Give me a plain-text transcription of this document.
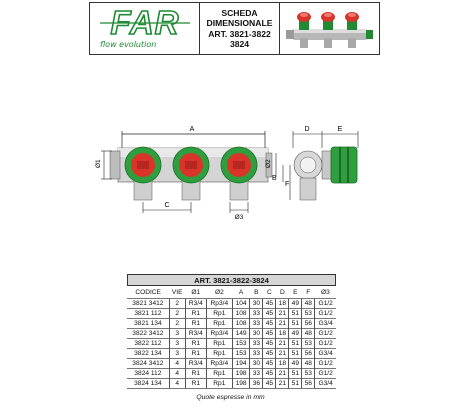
FAR
flow evolution
SCHEDA
DIMENSIONALE
ART. 3821-3822
3824
A
Ø1	Ø2
B
C
Ø3
D	E
F
ART. 3821-3822-3824
CODICE	VIE	Ø1	Ø2	A	B	C	D	E	F	Ø3
3821 3412	2	R3/4	Rp3/4	104	30	45	18	49	48	G1/2
3821 112	2	R1	Rp1	108	33	45	21	51	53	G1/2
3821 134	2	R1	Rp1	108	33	45	21	51	56	G3/4
3822 3412	3	R3/4	Rp3/4	149	30	45	18	49	48	G1/2
3822 112	3	R1	Rp1	153	33	45	21	51	53	G1/2
3822 134	3	R1	Rp1	153	33	45	21	51	56	G3/4
3824 3412	4	R3/4	Rp3/4	194	30	45	18	49	48	G1/2
3824 112	4	R1	Rp1	198	33	45	21	51	53	G1/2
3824 134	4	R1	Rp1	198	36	45	21	51	56	G3/4
Quote espresse in mm
